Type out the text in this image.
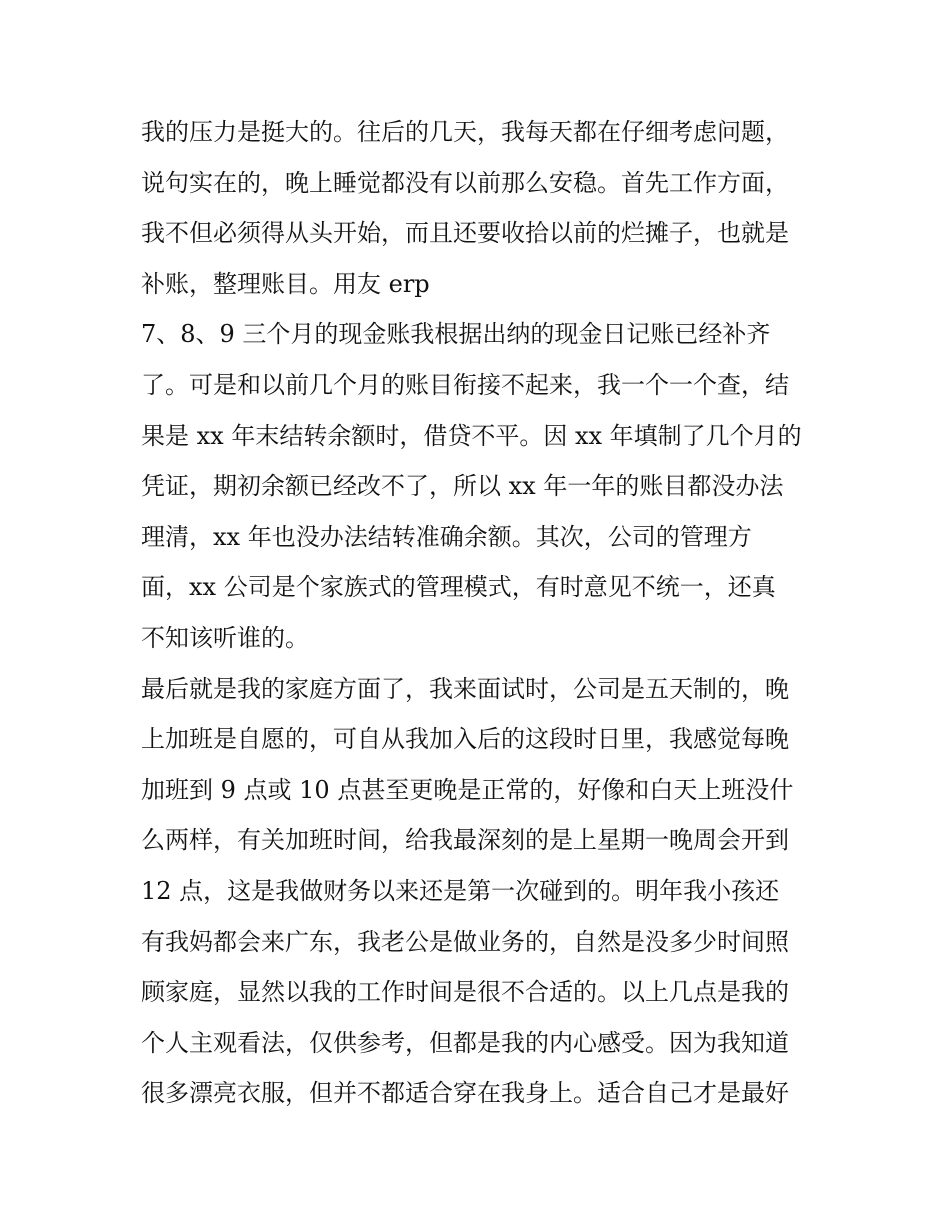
我的压力是挺大的。往后的几天，我每天都在仔细考虑问题，
说句实在的，晚上睡觉都没有以前那么安稳。首先工作方面，
我不但必须得从头开始，而且还要收拾以前的烂摊子，也就是
补账，整理账目。用友 erp
7、8、9 三个月的现金账我根据出纳的现金日记账已经补齐
了。可是和以前几个月的账目衔接不起来，我一个一个查，结
果是 xx 年末结转余额时，借贷不平。因 xx 年填制了几个月的
凭证，期初余额已经改不了，所以 xx 年一年的账目都没办法
理清，xx 年也没办法结转准确余额。其次，公司的管理方
面，xx 公司是个家族式的管理模式，有时意见不统一，还真
不知该听谁的。
最后就是我的家庭方面了，我来面试时，公司是五天制的，晚
上加班是自愿的，可自从我加入后的这段时日里，我感觉每晚
加班到 9 点或 10 点甚至更晚是正常的，好像和白天上班没什
么两样，有关加班时间，给我最深刻的是上星期一晚周会开到
12 点，这是我做财务以来还是第一次碰到的。明年我小孩还
有我妈都会来广东，我老公是做业务的，自然是没多少时间照
顾家庭，显然以我的工作时间是很不合适的。以上几点是我的
个人主观看法，仅供参考，但都是我的内心感受。因为我知道
很多漂亮衣服，但并不都适合穿在我身上。适合自己才是最好
